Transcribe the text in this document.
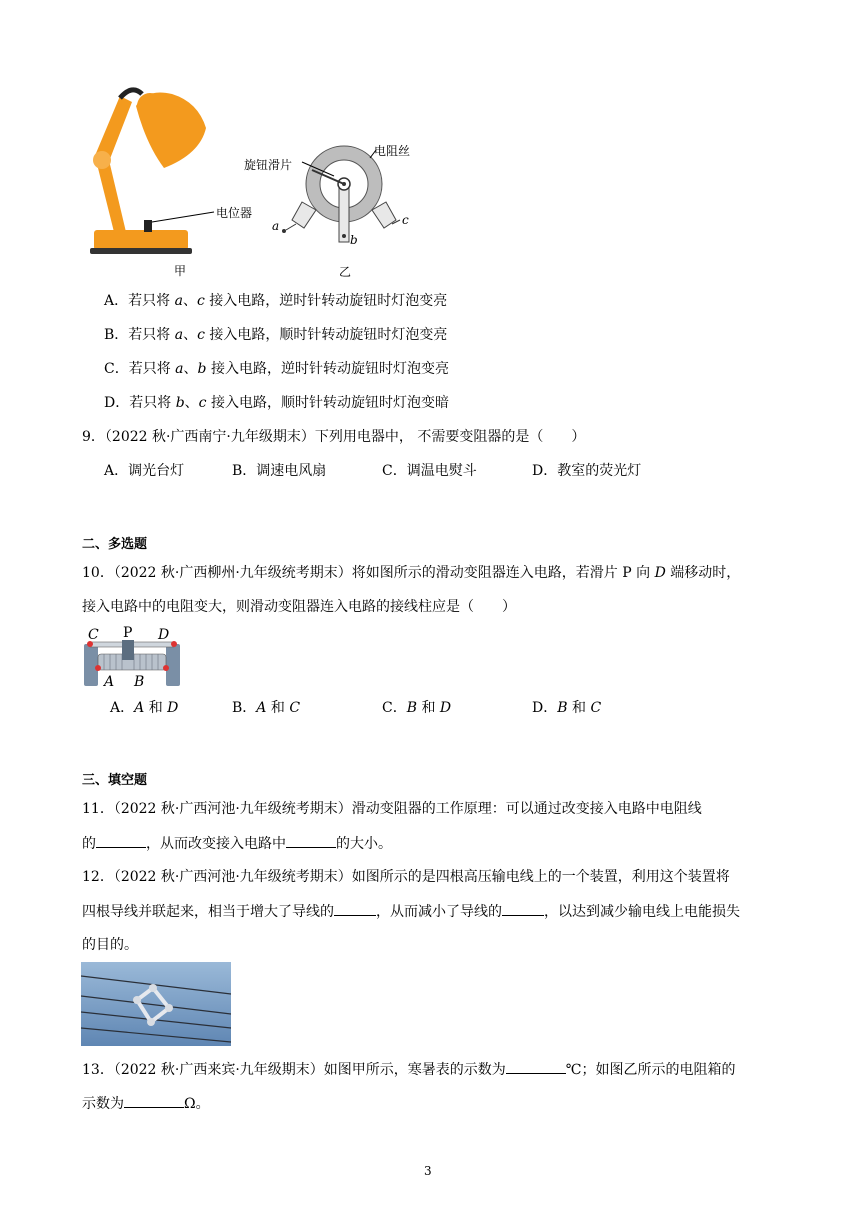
甲
电位器
a
b
c
乙
旋钮滑片
电阻丝
A．若只将 a、c 接入电路，逆时针转动旋钮时灯泡变亮
B．若只将 a、c 接入电路，顺时针转动旋钮时灯泡变亮
C．若只将 a、b 接入电路，逆时针转动旋钮时灯泡变亮
D．若只将 b、c 接入电路，顺时针转动旋钮时灯泡变暗
9．（2022 秋·广西南宁·九年级期末）下列用电器中， 不需要变阻器的是（　　）
A．调光台灯	B．调速电风扇	C．调温电熨斗	D．教室的荧光灯
二、多选题
10．（2022 秋·广西柳州·九年级统考期末）将如图所示的滑动变阻器连入电路，若滑片 P 向 D 端移动时，
接入电路中的电阻变大，则滑动变阻器连入电路的接线柱应是（　　）
C P D
A B
A．A 和 D	B．A 和 C	C．B 和 D	D．B 和 C
三、填空题
11．（2022 秋·广西河池·九年级统考期末）滑动变阻器的工作原理：可以通过改变接入电路中电阻线
的	，从而改变接入电路中	的大小。
12．（2022 秋·广西河池·九年级统考期末）如图所示的是四根高压输电线上的一个装置，利用这个装置将
四根导线并联起来，相当于增大了导线的	，从而减小了导线的	，以达到减少输电线上电能损失
的目的。
13．（2022 秋·广西来宾·九年级期末）如图甲所示，寒暑表的示数为	℃；如图乙所示的电阻箱的
示数为	Ω。
3
